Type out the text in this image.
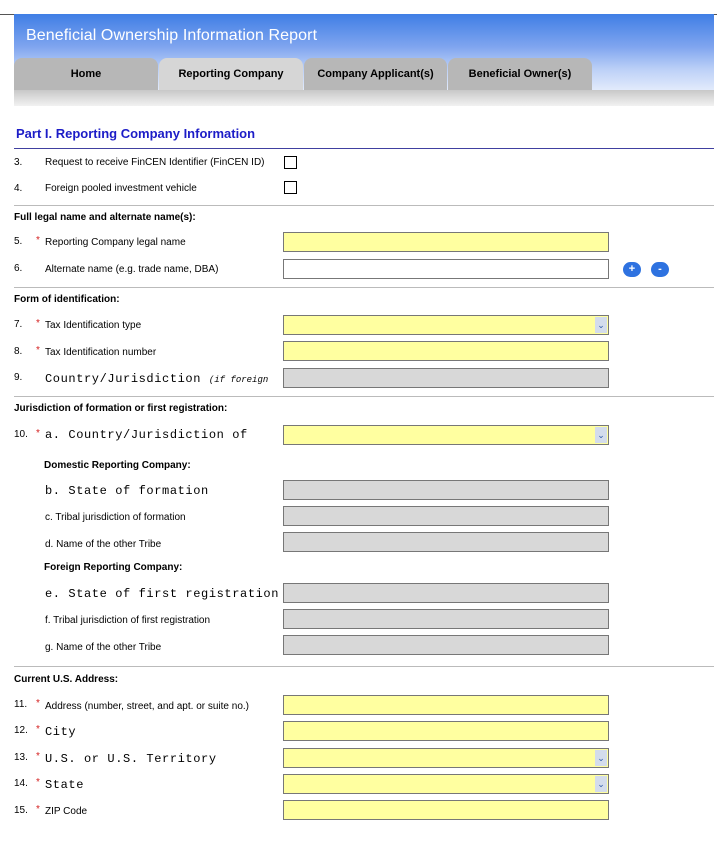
Beneficial Ownership Information Report
Home	Reporting Company	Company Applicant(s)	Beneficial Owner(s)
Part I. Reporting Company Information
3. Request to receive FinCEN Identifier (FinCEN ID)
4. Foreign pooled investment vehicle
Full legal name and alternate name(s):
5. * Reporting Company legal name
6. Alternate name (e.g. trade name, DBA)	+	-
Form of identification:
7. * Tax Identification type	⌄
8. * Tax Identification number
9. Country/Jurisdiction (if foreign
Jurisdiction of formation or first registration:
10. * a. Country/Jurisdiction of	⌄
Domestic Reporting Company:
b. State of formation
c. Tribal jurisdiction of formation
d. Name of the other Tribe
Foreign Reporting Company:
e. State of first registration
f. Tribal jurisdiction of first registration
g. Name of the other Tribe
Current U.S. Address:
11. * Address (number, street, and apt. or suite no.)
12. * City
13. * U.S. or U.S. Territory	⌄
14. * State	⌄
15. * ZIP Code
